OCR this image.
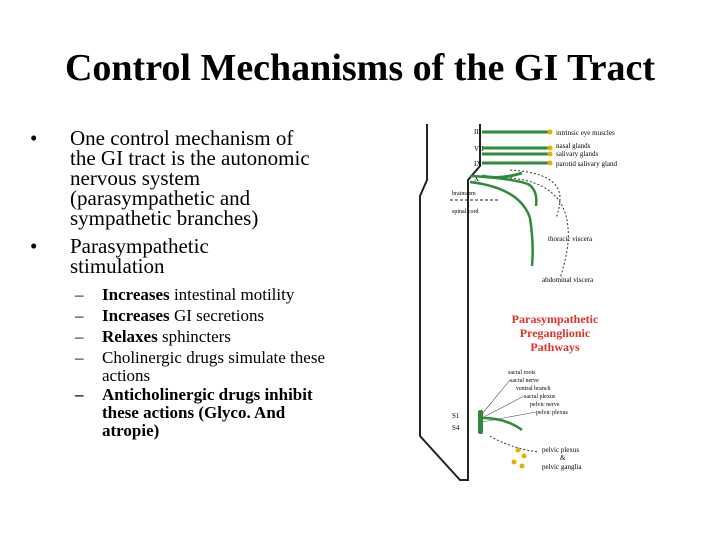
Control Mechanisms of the GI Tract
• One control mechanism of
the GI tract is the autonomic
nervous system
(parasympathetic and
sympathetic branches)
• Parasympathetic
stimulation
– Increases intestinal motility
– Increases GI secretions
– Relaxes sphincters
– Cholinergic drugs simulate these actions
– Anticholinergic drugs inhibit these actions (Glyco. And atropie)
III
VII
IX
X
brainstem
spinal cord
intrinsic eye muscles
nasal glands
salivary glands
parotid salivary gland
thoracic viscera
abdominal viscera
Parasympathetic
Preganglionic
Pathways
S1
S4
sacral roots
sacral nerve
ventral branch
sacral plexus
pelvic nerve
pelvic plexus
pelvic plexus
&
pelvic ganglia
